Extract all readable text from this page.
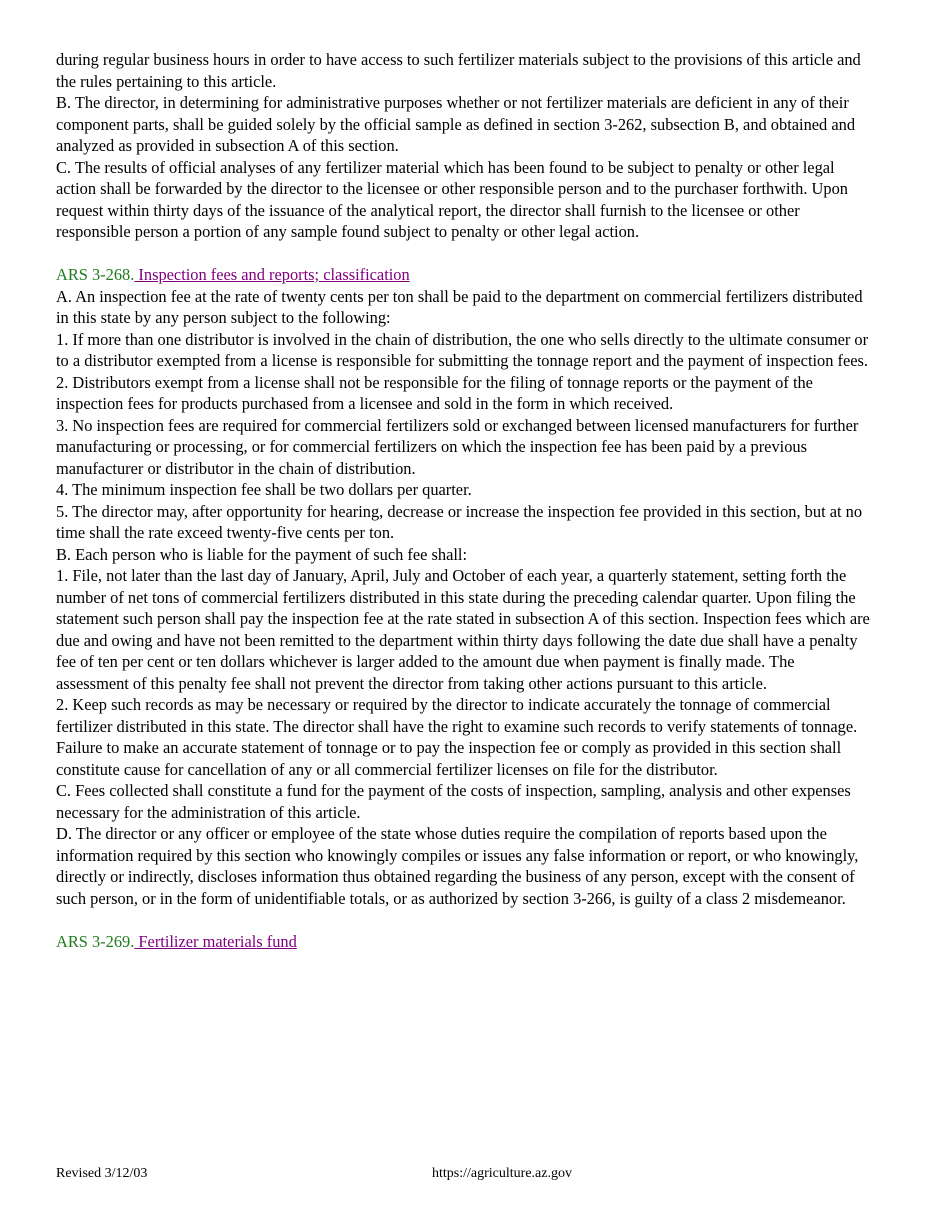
during regular business hours in order to have access to such fertilizer materials subject to the provisions of this article and the rules pertaining to this article.

B. The director, in determining for administrative purposes whether or not fertilizer materials are deficient in any of their component parts, shall be guided solely by the official sample as defined in section 3-262, subsection B, and obtained and analyzed as provided in subsection A of this section.

C. The results of official analyses of any fertilizer material which has been found to be subject to penalty or other legal action shall be forwarded by the director to the licensee or other responsible person and to the purchaser forthwith. Upon request within thirty days of the issuance of the analytical report, the director shall furnish to the licensee or other responsible person a portion of any sample found subject to penalty or other legal action.

ARS 3-268. Inspection fees and reports; classification

A. An inspection fee at the rate of twenty cents per ton shall be paid to the department on commercial fertilizers distributed in this state by any person subject to the following:

1. If more than one distributor is involved in the chain of distribution, the one who sells directly to the ultimate consumer or to a distributor exempted from a license is responsible for submitting the tonnage report and the payment of inspection fees.

2. Distributors exempt from a license shall not be responsible for the filing of tonnage reports or the payment of the inspection fees for products purchased from a licensee and sold in the form in which received.

3. No inspection fees are required for commercial fertilizers sold or exchanged between licensed manufacturers for further manufacturing or processing, or for commercial fertilizers on which the inspection fee has been paid by a previous manufacturer or distributor in the chain of distribution.

4. The minimum inspection fee shall be two dollars per quarter.

5. The director may, after opportunity for hearing, decrease or increase the inspection fee provided in this section, but at no time shall the rate exceed twenty-five cents per ton.

B. Each person who is liable for the payment of such fee shall:

1. File, not later than the last day of January, April, July and October of each year, a quarterly statement, setting forth the number of net tons of commercial fertilizers distributed in this state during the preceding calendar quarter. Upon filing the statement such person shall pay the inspection fee at the rate stated in subsection A of this section. Inspection fees which are due and owing and have not been remitted to the department within thirty days following the date due shall have a penalty fee of ten per cent or ten dollars whichever is larger added to the amount due when payment is finally made. The assessment of this penalty fee shall not prevent the director from taking other actions pursuant to this article.

2. Keep such records as may be necessary or required by the director to indicate accurately the tonnage of commercial fertilizer distributed in this state. The director shall have the right to examine such records to verify statements of tonnage. Failure to make an accurate statement of tonnage or to pay the inspection fee or comply as provided in this section shall constitute cause for cancellation of any or all commercial fertilizer licenses on file for the distributor.

C. Fees collected shall constitute a fund for the payment of the costs of inspection, sampling, analysis and other expenses necessary for the administration of this article.

D. The director or any officer or employee of the state whose duties require the compilation of reports based upon the information required by this section who knowingly compiles or issues any false information or report, or who knowingly, directly or indirectly, discloses information thus obtained regarding the business of any person, except with the consent of such person, or in the form of unidentifiable totals, or as authorized by section 3-266, is guilty of a class 2 misdemeanor.

ARS 3-269. Fertilizer materials fund
Revised 3/12/03	https://agriculture.az.gov
